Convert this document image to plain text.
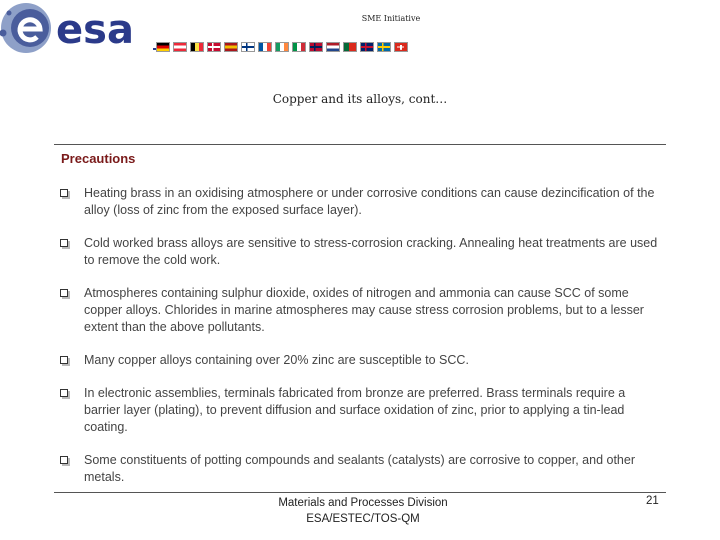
esa	SME Initiative
Copper and its alloys, cont…
Precautions
Heating brass in an oxidising atmosphere or under corrosive conditions can cause dezincification of the alloy (loss of zinc from the exposed surface layer).
Cold worked brass alloys are sensitive to stress-corrosion cracking. Annealing heat treatments are used to remove the cold work.
Atmospheres containing sulphur dioxide, oxides of nitrogen and ammonia can cause SCC of some copper alloys. Chlorides in marine atmospheres may cause stress corrosion problems, but to a lesser extent than the above pollutants.
Many copper alloys containing over 20% zinc are susceptible to SCC.
In electronic assemblies, terminals fabricated from bronze are preferred. Brass terminals require a barrier layer (plating), to prevent diffusion and surface oxidation of zinc, prior to applying a tin-lead coating.
Some constituents of potting compounds and sealants (catalysts) are corrosive to copper, and other metals.
Materials and Processes Division
ESA/ESTEC/TOS-QM
21
